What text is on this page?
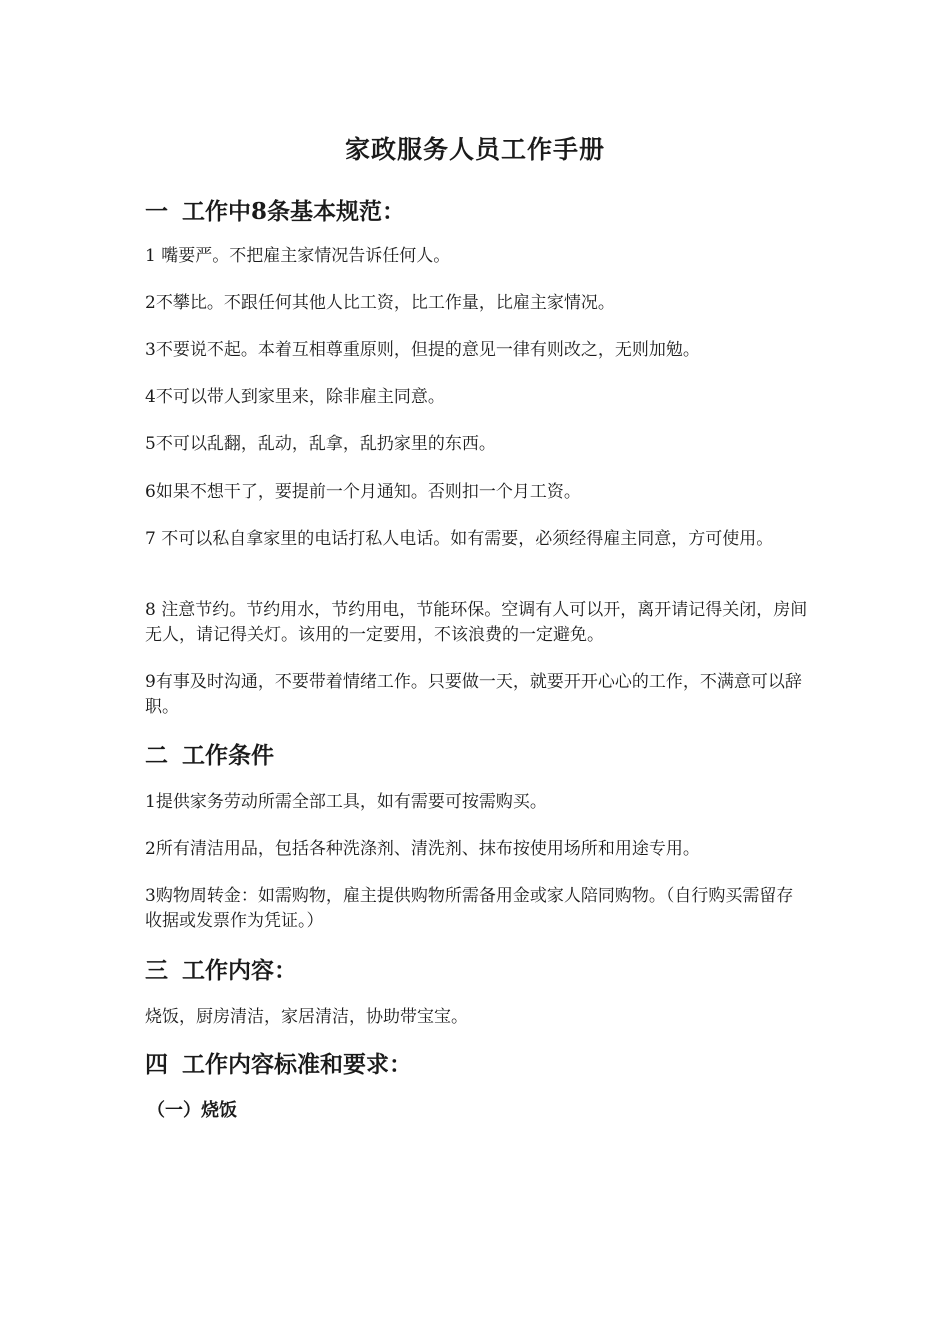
家政服务人员工作手册
一 工作中8条基本规范：
1 嘴要严。不把雇主家情况告诉任何人。
2不攀比。不跟任何其他人比工资，比工作量，比雇主家情况。
3不要说不起。本着互相尊重原则，但提的意见一律有则改之，无则加勉。
4不可以带人到家里来，除非雇主同意。
5不可以乱翻，乱动，乱拿，乱扔家里的东西。
6如果不想干了，要提前一个月通知。否则扣一个月工资。
7 不可以私自拿家里的电话打私人电话。如有需要，必须经得雇主同意，方可使用。
8 注意节约。节约用水，节约用电，节能环保。空调有人可以开，离开请记得关闭，房间无人，请记得关灯。该用的一定要用，不该浪费的一定避免。
9有事及时沟通，不要带着情绪工作。只要做一天，就要开开心心的工作，不满意可以辞职。
二 工作条件
1提供家务劳动所需全部工具，如有需要可按需购买。
2所有清洁用品，包括各种洗涤剂、清洗剂、抹布按使用场所和用途专用。
3购物周转金：如需购物，雇主提供购物所需备用金或家人陪同购物。（自行购买需留存收据或发票作为凭证。）
三 工作内容：
烧饭，厨房清洁，家居清洁，协助带宝宝。
四 工作内容标准和要求：
（一）烧饭
